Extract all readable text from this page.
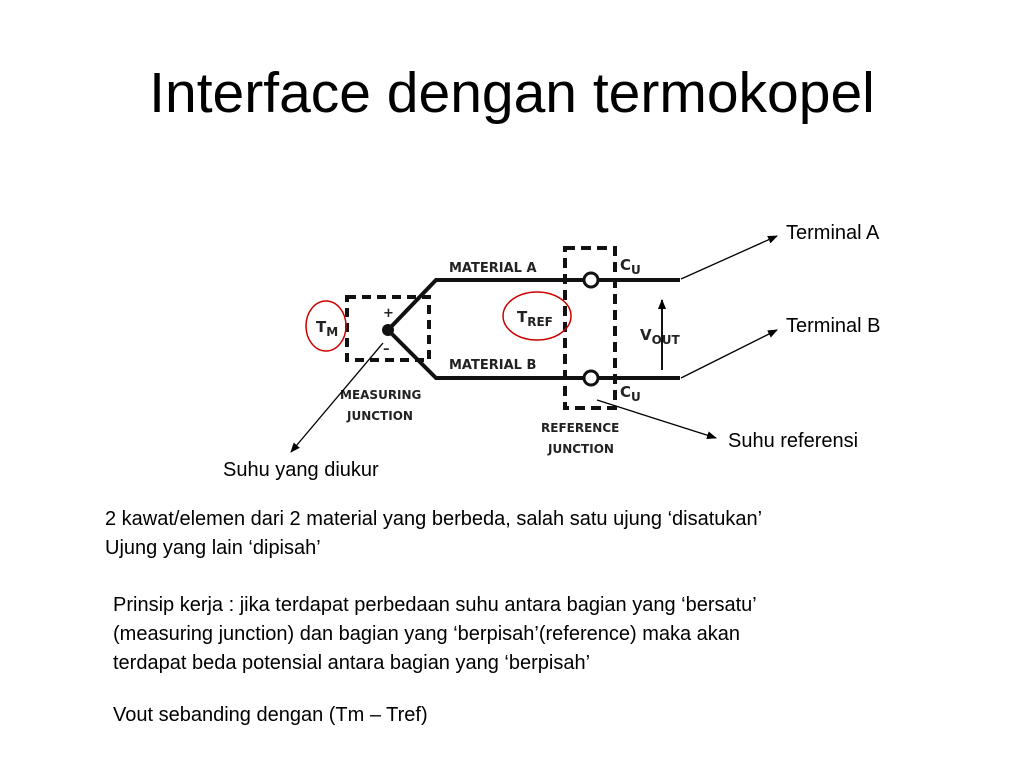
Interface dengan termokopel
+
–
MATERIAL A
MATERIAL B
$C_U$
$C_U$
$T_M$
$T_{REF}$
$V_{OUT}$
MEASURING
JUNCTION
REFERENCE
JUNCTION
Terminal A
Terminal B
Suhu referensi
Suhu yang diukur

2 kawat/elemen dari 2 material yang berbeda, salah satu ujung ‘disatukan’
Ujung yang lain ‘dipisah’

Prinsip kerja : jika terdapat perbedaan suhu antara bagian yang ‘bersatu’
(measuring junction) dan bagian yang ‘berpisah’(reference) maka akan
terdapat beda potensial antara bagian yang ‘berpisah’

Vout sebanding dengan (Tm – Tref)
